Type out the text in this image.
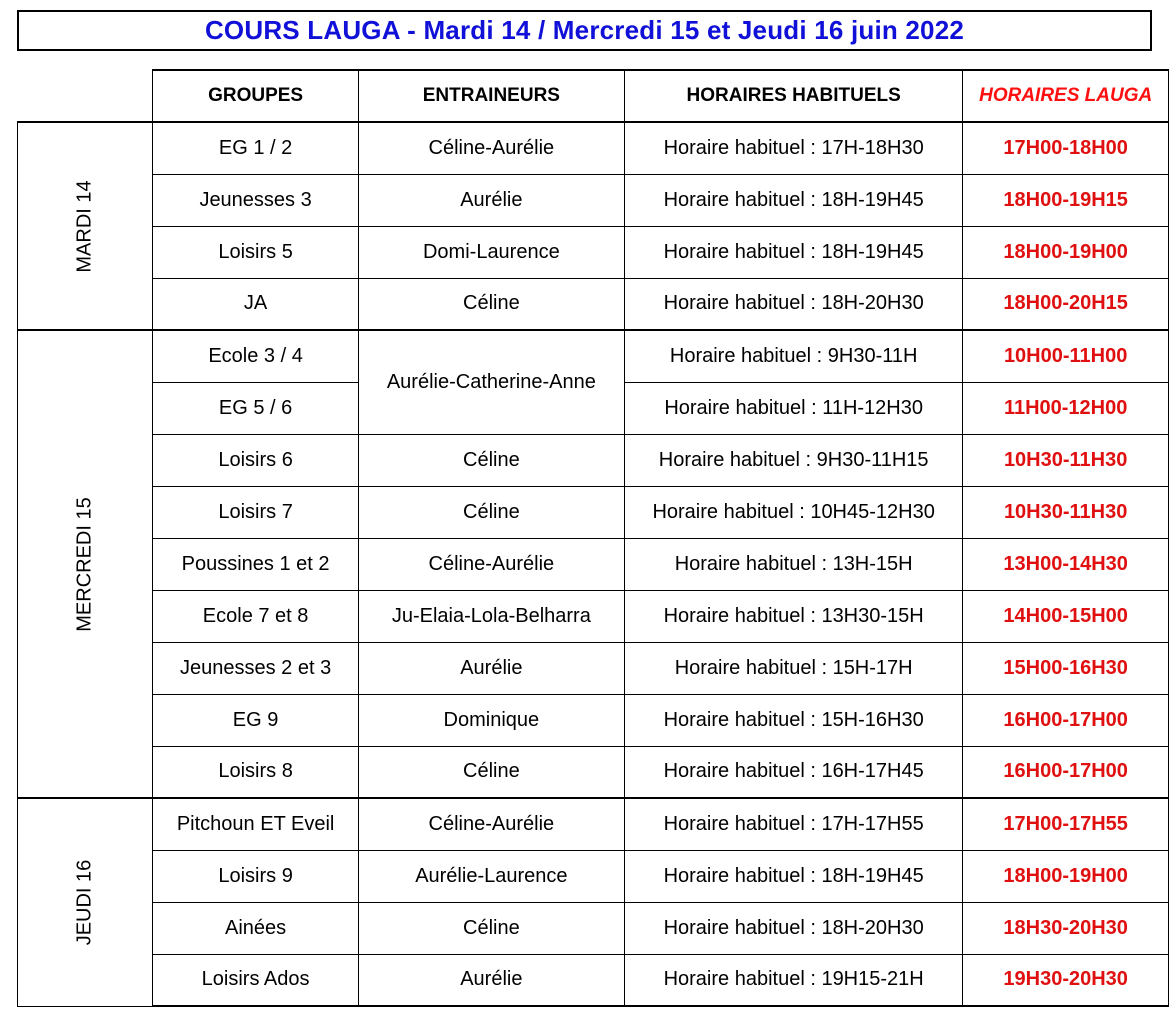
COURS LAUGA - Mardi 14 / Mercredi 15 et Jeudi 16 juin 2022
	GROUPES	ENTRAINEURS	HORAIRES HABITUELS	HORAIRES LAUGA
MARDI 14	EG 1 / 2	Céline-Aurélie	Horaire habituel : 17H-18H30	17H00-18H00
	Jeunesses 3	Aurélie	Horaire habituel : 18H-19H45	18H00-19H15
	Loisirs 5	Domi-Laurence	Horaire habituel : 18H-19H45	18H00-19H00
	JA	Céline	Horaire habituel : 18H-20H30	18H00-20H15
MERCREDI 15	Ecole 3 / 4	Aurélie-Catherine-Anne	Horaire habituel : 9H30-11H	10H00-11H00
	EG 5 / 6		Horaire habituel : 11H-12H30	11H00-12H00
	Loisirs 6	Céline	Horaire habituel : 9H30-11H15	10H30-11H30
	Loisirs 7	Céline	Horaire habituel : 10H45-12H30	10H30-11H30
	Poussines 1 et 2	Céline-Aurélie	Horaire habituel : 13H-15H	13H00-14H30
	Ecole 7 et 8	Ju-Elaia-Lola-Belharra	Horaire habituel : 13H30-15H	14H00-15H00
	Jeunesses 2 et 3	Aurélie	Horaire habituel : 15H-17H	15H00-16H30
	EG 9	Dominique	Horaire habituel : 15H-16H30	16H00-17H00
	Loisirs 8	Céline	Horaire habituel : 16H-17H45	16H00-17H00
JEUDI 16	Pitchoun ET Eveil	Céline-Aurélie	Horaire habituel : 17H-17H55	17H00-17H55
	Loisirs 9	Aurélie-Laurence	Horaire habituel : 18H-19H45	18H00-19H00
	Ainées	Céline	Horaire habituel : 18H-20H30	18H30-20H30
	Loisirs Ados	Aurélie	Horaire habituel : 19H15-21H	19H30-20H30
